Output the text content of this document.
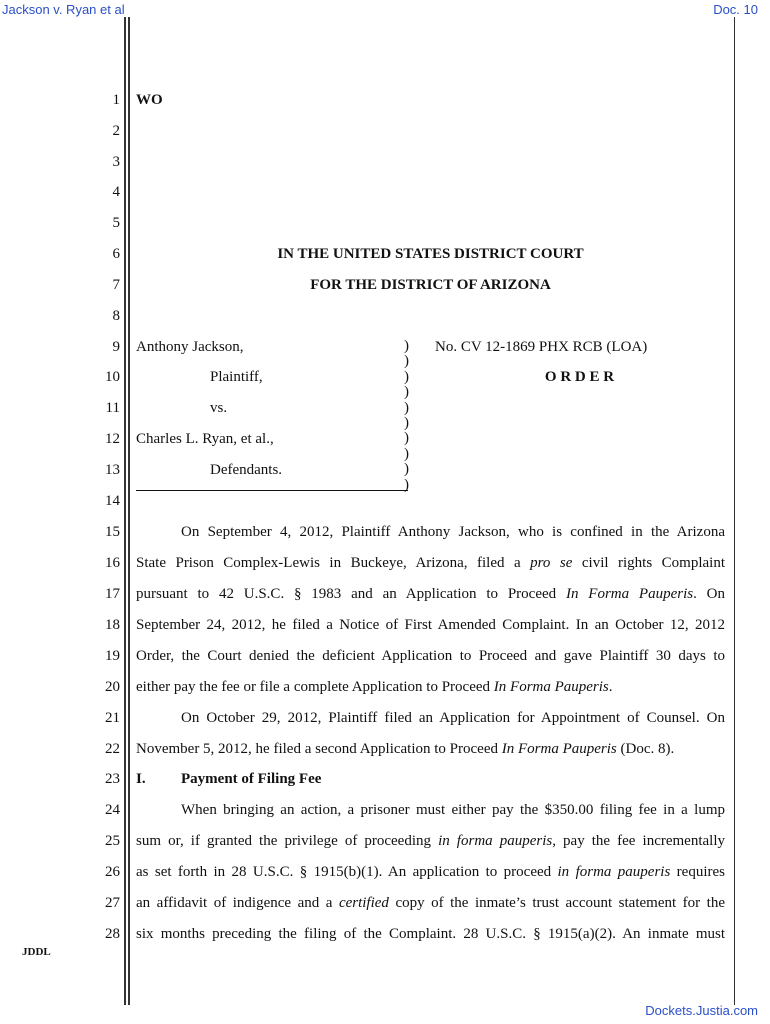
Jackson v. Ryan et al	Doc. 10
1
2
3
4
5
6
7
8
9
10
11
12
13
14
15
16
17
18
19
20
21
22
23
24
25
26
27
28
WO
IN THE UNITED STATES DISTRICT COURT
FOR THE DISTRICT OF ARIZONA
Anthony Jackson,
Plaintiff,
vs.
Charles L. Ryan, et al.,
Defendants.
)
)
)
)
)
)
)
)
)
)
No. CV 12-1869 PHX RCB (LOA)
O R D E R
On September 4, 2012, Plaintiff Anthony Jackson, who is confined in the Arizona
State Prison Complex-Lewis in Buckeye, Arizona, filed a pro se civil rights Complaint
pursuant to 42 U.S.C. § 1983 and an Application to Proceed In Forma Pauperis. On
September 24, 2012, he filed a Notice of First Amended Complaint. In an October 12, 2012
Order, the Court denied the deficient Application to Proceed and gave Plaintiff 30 days to
either pay the fee or file a complete Application to Proceed In Forma Pauperis.
On October 29, 2012, Plaintiff filed an Application for Appointment of Counsel. On
November 5, 2012, he filed a second Application to Proceed In Forma Pauperis (Doc. 8).
I. Payment of Filing Fee
When bringing an action, a prisoner must either pay the $350.00 filing fee in a lump
sum or, if granted the privilege of proceeding in forma pauperis, pay the fee incrementally
as set forth in 28 U.S.C. § 1915(b)(1). An application to proceed in forma pauperis requires
an affidavit of indigence and a certified copy of the inmate’s trust account statement for the
six months preceding the filing of the Complaint. 28 U.S.C. § 1915(a)(2). An inmate must
JDDL
Dockets.Justia.com
